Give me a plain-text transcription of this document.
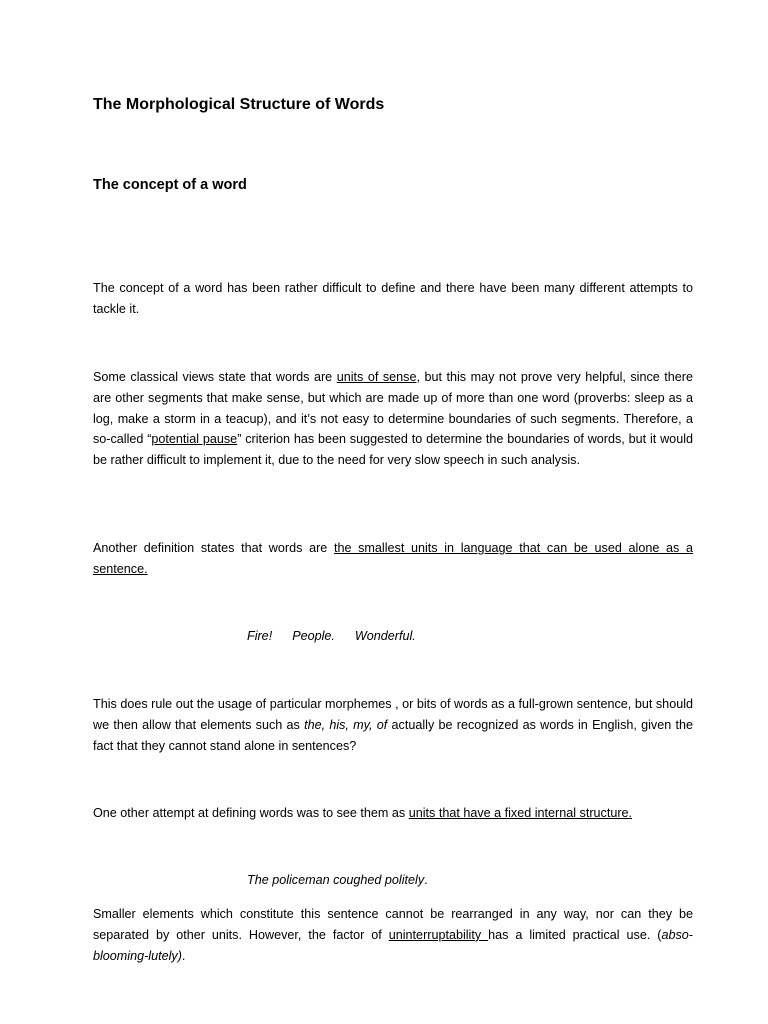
The Morphological Structure of Words
The concept of a word
The concept of a word has been rather difficult to define and there have been many different attempts to tackle it.
Some classical views state that words are units of sense, but this may not prove very helpful, since there are other segments that make sense, but which are made up of more than one word (proverbs: sleep as a log, make a storm in a teacup), and it’s not easy to determine boundaries of such segments. Therefore, a so-called “potential pause” criterion has been suggested to determine the boundaries of words, but it would be rather difficult to implement it, due to the need for very slow speech in such analysis.
Another definition states that words are the smallest units in language that can be used alone as a sentence.
Fire! People. Wonderful.
This does rule out the usage of particular morphemes , or bits of words as a full-grown sentence, but should we then allow that elements such as the, his, my, of actually be recognized as words in English, given the fact that they cannot stand alone in sentences?
One other attempt at defining words was to see them as units that have a fixed internal structure.
The policeman coughed politely.
Smaller elements which constitute this sentence cannot be rearranged in any way, nor can they be separated by other units. However, the factor of uninterruptability has a limited practical use. (abso-blooming-lutely).
